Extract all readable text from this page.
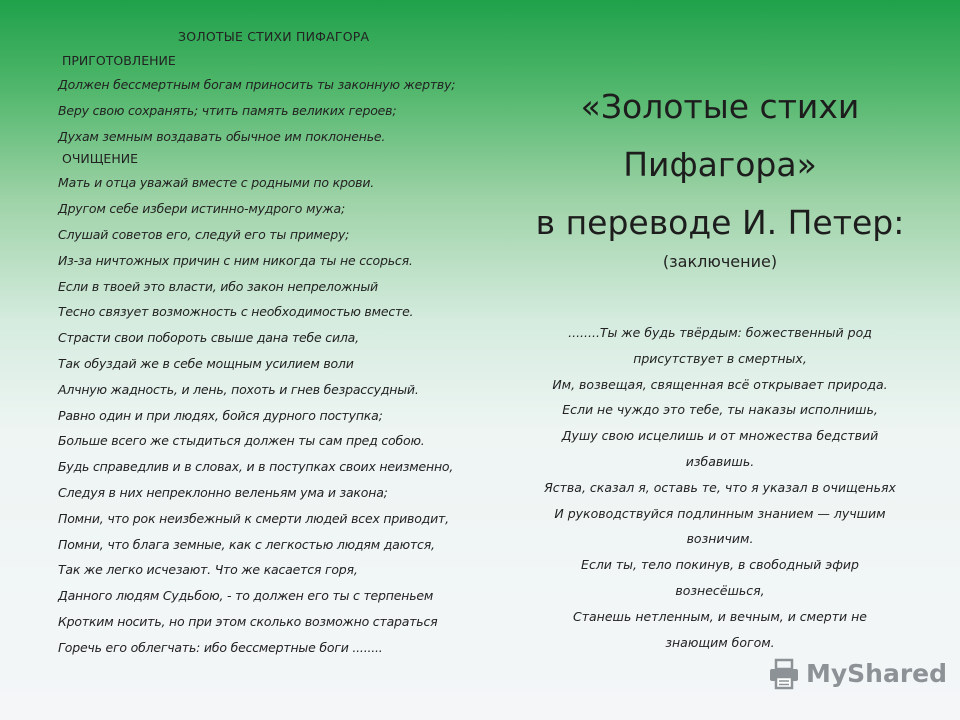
ЗОЛОТЫЕ СТИХИ ПИФАГОРА
ПРИГОТОВЛЕНИЕ
Должен бессмертным богам приносить ты законную жертву;
Веру свою сохранять; чтить память великих героев;
Духам земным воздавать обычное им поклоненье.
ОЧИЩЕНИЕ
Мать и отца уважай вместе с родными по крови.
Другом себе избери истинно-мудрого мужа;
Слушай советов его, следуй его ты примеру;
Из-за ничтожных причин с ним никогда ты не ссорься.
Если в твоей это власти, ибо закон непреложный
Тесно связует возможность с необходимостью вместе.
Страсти свои побороть свыше дана тебе сила,
Так обуздай же в себе мощным усилием воли
Алчную жадность, и лень, похоть и гнев безрассудный.
Равно один и при людях, бойся дурного поступка;
Больше всего же стыдиться должен ты сам пред собою.
Будь справедлив и в словах, и в поступках своих неизменно,
Следуя в них непреклонно веленьям ума и закона;
Помни, что рок неизбежный к смерти людей всех приводит,
Помни, что блага земные, как с легкостью людям даются,
Так же легко исчезают. Что же касается горя,
Данного людям Судьбою, - то должен его ты с терпеньем
Кротким носить, но при этом сколько возможно стараться
Горечь его облегчать: ибо бессмертные боги ........
«Золотые стихи
Пифагора»
в переводе И. Петер:
(заключение)
........Ты же будь твёрдым: божественный род
присутствует в смертных,
Им, возвещая, священная всё открывает природа.
Если не чуждо это тебе, ты наказы исполнишь,
Душу свою исцелишь и от множества бедствий
избавишь.
Яства, сказал я, оставь те, что я указал в очищеньях
И руководствуйся подлинным знанием — лучшим
возничим.
Если ты, тело покинув, в свободный эфир
вознесёшься,
Станешь нетленным, и вечным, и смерти не
знающим богом.
MyShared
